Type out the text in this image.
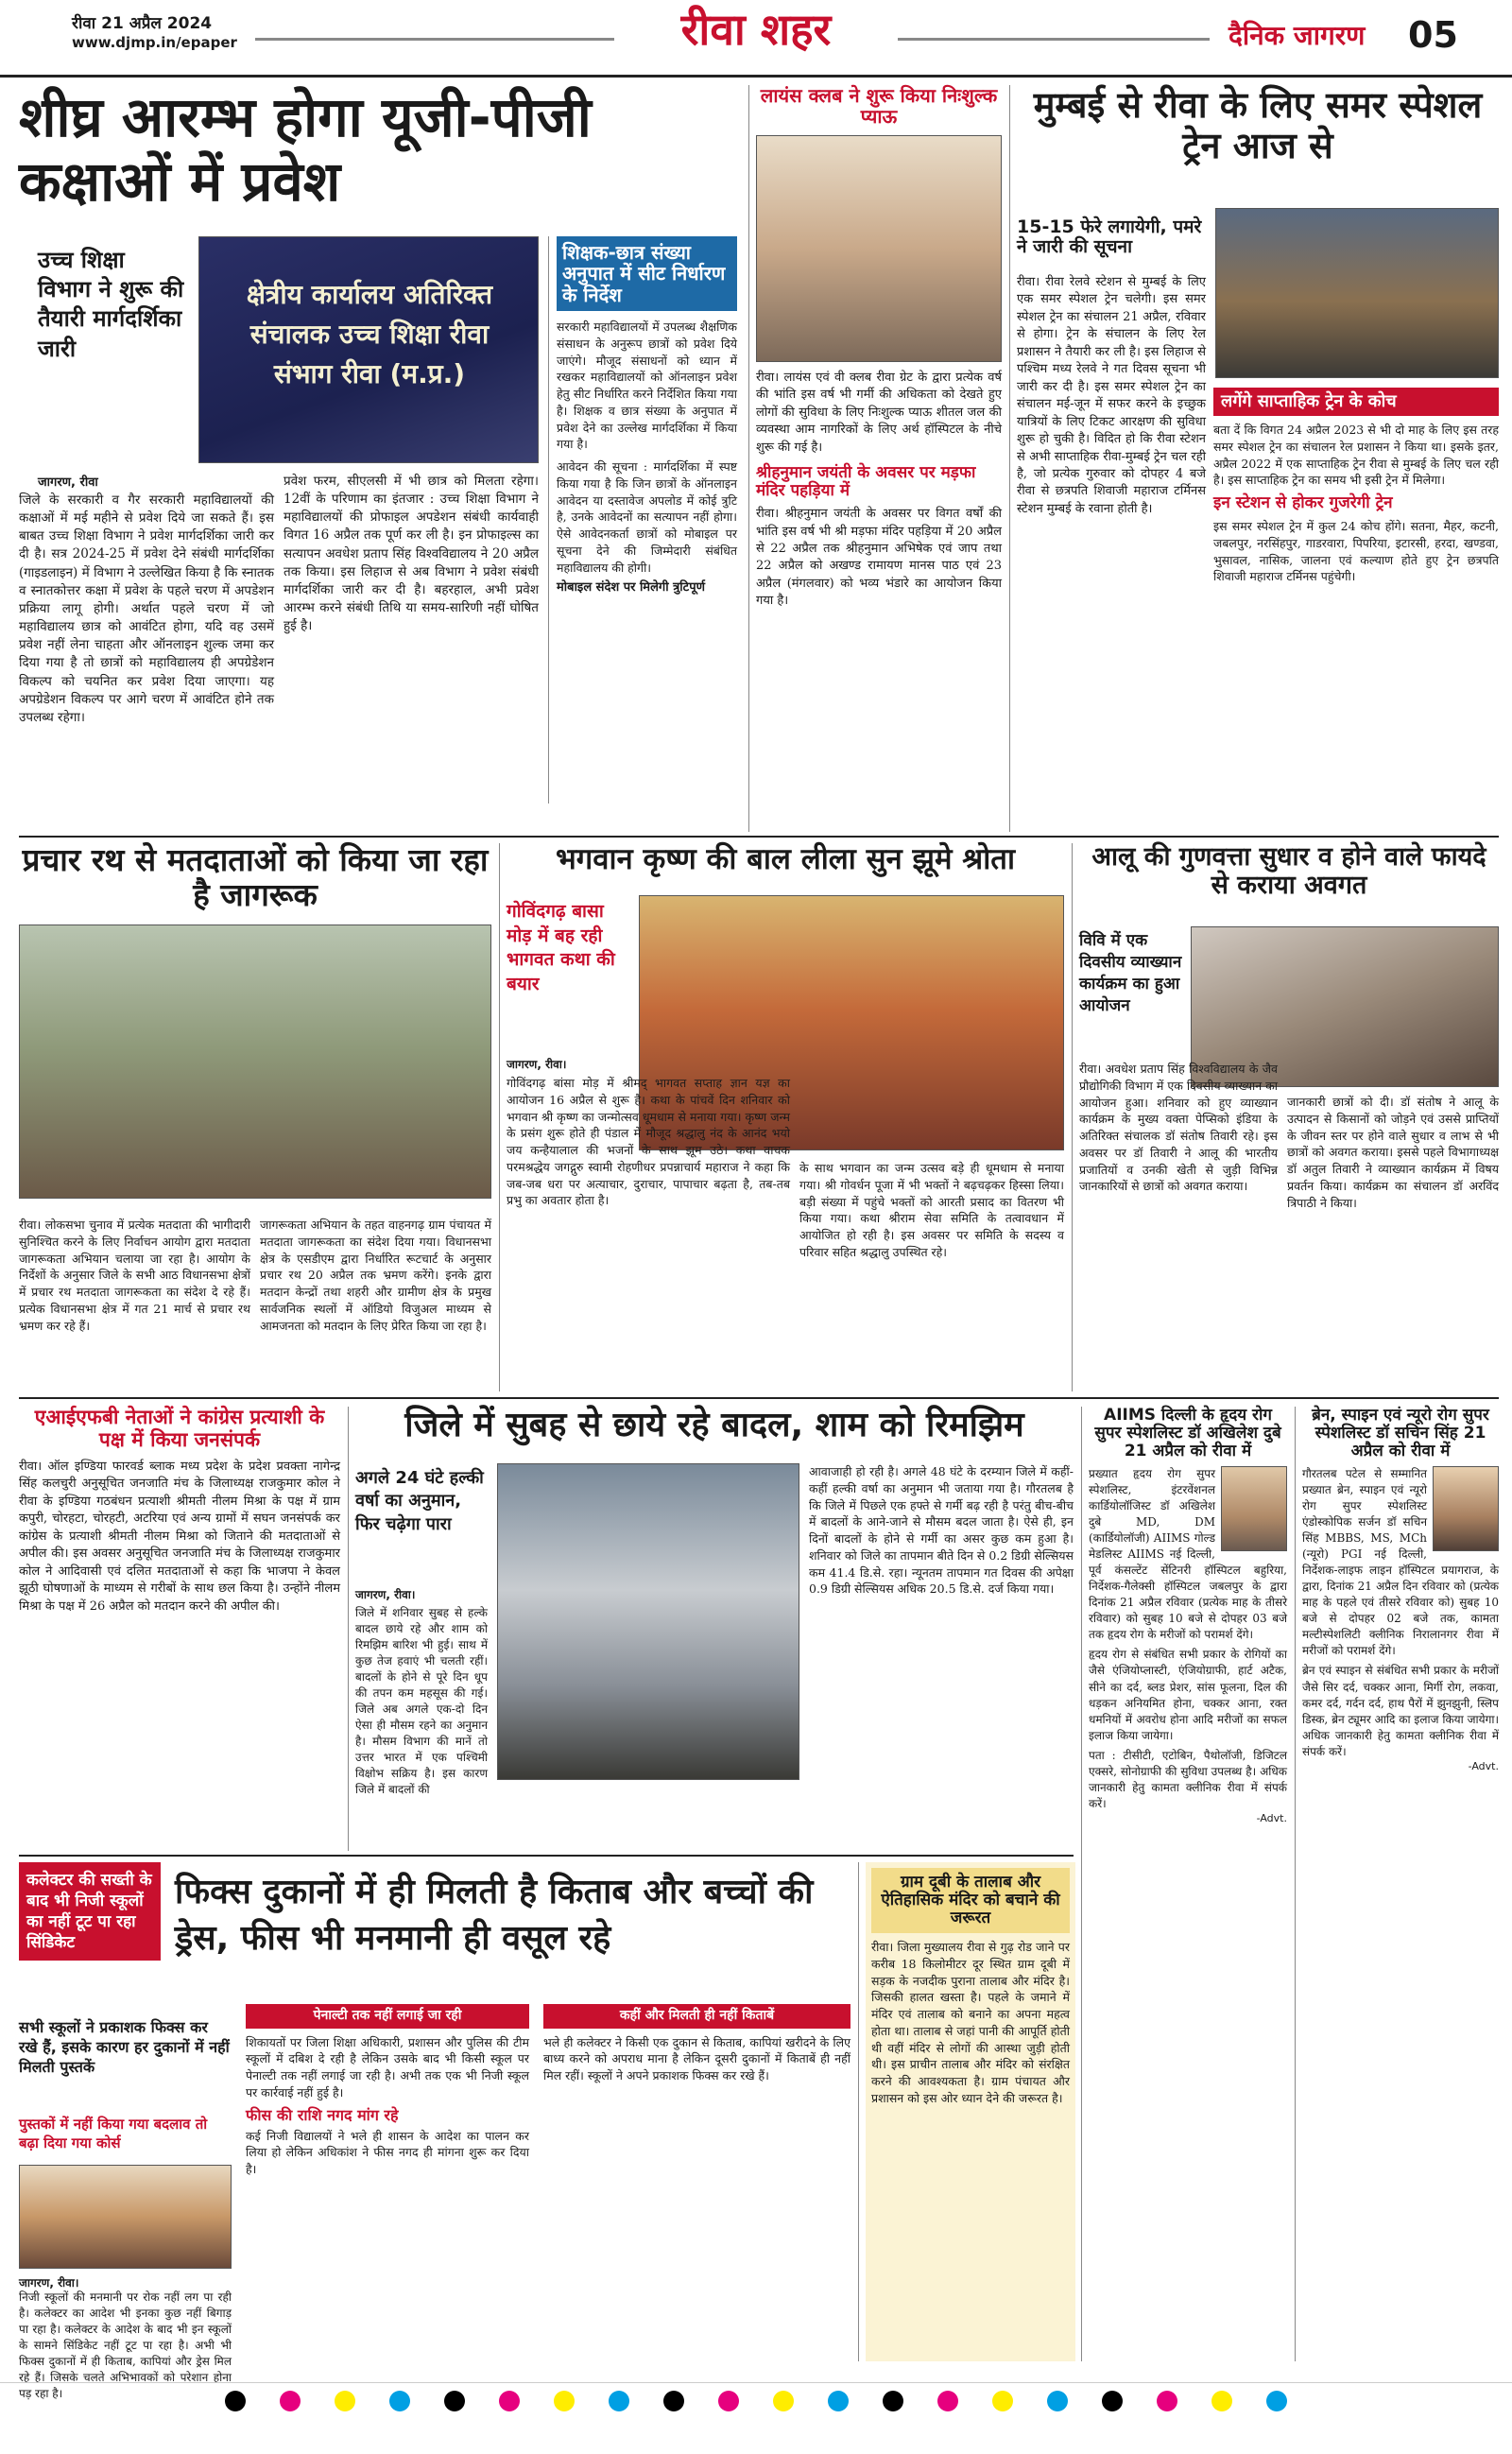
रीवा 21 अप्रैल 2024
www.djmp.in/epaper	रीवा शहर	दैनिक जागरण 05
शीघ्र आरम्भ होगा यूजी-पीजी कक्षाओं में प्रवेश
उच्च शिक्षा विभाग ने शुरू की तैयारी मार्गदर्शिका जारी
क्षेत्रीय कार्यालय अतिरिक्त संचालक उच्च शिक्षा रीवा संभाग रीवा (म.प्र.)
शिक्षक-छात्र संख्या अनुपात में सीट निर्धारण के निर्देश
सरकारी महाविद्यालयों में उपलब्ध शैक्षणिक संसाधन के अनुरूप छात्रों को प्रवेश दिये जाएंगे। मौजूद संसाधनों को ध्यान में रखकर महाविद्यालयों को ऑनलाइन प्रवेश हेतु सीट निर्धारित करने निर्देशित किया गया है। शिक्षक व छात्र संख्या के अनुपात में प्रवेश देने का उल्लेख मार्गदर्शिका में किया गया है।
आवेदन की सूचना : मार्गदर्शिका में स्पष्ट किया गया है कि जिन छात्रों के ऑनलाइन आवेदन या दस्तावेज अपलोड में कोई त्रुटि है, उनके आवेदनों का सत्यापन नहीं होगा। ऐसे आवेदनकर्ता छात्रों को मोबाइल पर सूचना देने की जिम्मेदारी संबंधित महाविद्यालय की होगी।
मोबाइल संदेश पर मिलेगी त्रुटिपूर्ण
जागरण, रीवा
जिले के सरकारी व गैर सरकारी महाविद्यालयों की कक्षाओं में मई महीने से प्रवेश दिये जा सकते हैं। इस बाबत उच्च शिक्षा विभाग ने प्रवेश मार्गदर्शिका जारी कर दी है। सत्र 2024-25 में प्रवेश देने संबंधी मार्गदर्शिका (गाइडलाइन) में विभाग ने उल्लेखित किया है कि स्नातक व स्नातकोत्तर कक्षा में प्रवेश के पहले चरण में अपडेशन प्रक्रिया लागू होगी। अर्थात पहले चरण में जो महाविद्यालय छात्र को आवंटित होगा, यदि वह उसमें प्रवेश नहीं लेना चाहता और ऑनलाइन शुल्क जमा कर दिया गया है तो छात्रों को महाविद्यालय ही अपग्रेडेशन विकल्प को चयनित कर प्रवेश दिया जाएगा। यह अपग्रेडेशन विकल्प पर आगे चरण में आवंटित होने तक उपलब्ध रहेगा।
प्रवेश फरम, सीएलसी में भी छात्र को मिलता रहेगा। 12वीं के परिणाम का इंतजार : उच्च शिक्षा विभाग ने महाविद्यालयों की प्रोफाइल अपडेशन संबंधी कार्यवाही विगत 16 अप्रैल तक पूर्ण कर ली है। इन प्रोफाइल्स का सत्यापन अवधेश प्रताप सिंह विश्वविद्यालय ने 20 अप्रैल तक किया। इस लिहाज से अब विभाग ने प्रवेश संबंधी मार्गदर्शिका जारी कर दी है। बहरहाल, अभी प्रवेश आरम्भ करने संबंधी तिथि या समय-सारिणी नहीं घोषित हुई है।
लायंस क्लब ने शुरू किया निःशुल्क प्याऊ
रीवा। लायंस एवं वी क्लब रीवा ग्रेट के द्वारा प्रत्येक वर्ष की भांति इस वर्ष भी गर्मी की अधिकता को देखते हुए लोगों की सुविधा के लिए निःशुल्क प्याऊ शीतल जल की व्यवस्था आम नागरिकों के लिए अर्थ हॉस्पिटल के नीचे शुरू की गई है।
श्रीहनुमान जयंती के अवसर पर मड़फा मंदिर पहड़िया में
रीवा। श्रीहनुमान जयंती के अवसर पर विगत वर्षों की भांति इस वर्ष भी श्री मड़फा मंदिर पहड़िया में 20 अप्रैल से 22 अप्रैल तक श्रीहनुमान अभिषेक एवं जाप तथा 22 अप्रैल को अखण्ड रामायण मानस पाठ एवं 23 अप्रैल (मंगलवार) को भव्य भंडारे का आयोजन किया गया है।
मुम्बई से रीवा के लिए समर स्पेशल ट्रेन आज से
15-15 फेरे लगायेगी, पमरे ने जारी की सूचना
रीवा। रीवा रेलवे स्टेशन से मुम्बई के लिए एक समर स्पेशल ट्रेन चलेगी। इस समर स्पेशल ट्रेन का संचालन 21 अप्रैल, रविवार से होगा। ट्रेन के संचालन के लिए रेल प्रशासन ने तैयारी कर ली है। इस लिहाज से पश्चिम मध्य रेलवे ने गत दिवस सूचना भी जारी कर दी है। इस समर स्पेशल ट्रेन का संचालन मई-जून में सफर करने के इच्छुक यात्रियों के लिए टिकट आरक्षण की सुविधा शुरू हो चुकी है। विदित हो कि रीवा स्टेशन से अभी साप्ताहिक रीवा-मुम्बई ट्रेन चल रही है, जो प्रत्येक गुरुवार को दोपहर 4 बजे रीवा से छत्रपति शिवाजी महाराज टर्मिनस स्टेशन मुम्बई के रवाना होती है।
लगेंगे साप्ताहिक ट्रेन के कोच
बता दें कि विगत 24 अप्रैल 2023 से भी दो माह के लिए इस तरह समर स्पेशल ट्रेन का संचालन रेल प्रशासन ने किया था। इसके इतर, अप्रैल 2022 में एक साप्ताहिक ट्रेन रीवा से मुम्बई के लिए चल रही है। इस साप्ताहिक ट्रेन का समय भी इसी ट्रेन में मिलेगा।
इन स्टेशन से होकर गुजरेगी ट्रेन
इस समर स्पेशल ट्रेन में कुल 24 कोच होंगे। सतना, मैहर, कटनी, जबलपुर, नरसिंहपुर, गाडरवारा, पिपरिया, इटारसी, हरदा, खण्डवा, भुसावल, नासिक, जालना एवं कल्याण होते हुए ट्रेन छत्रपति शिवाजी महाराज टर्मिनस पहुंचेगी।
प्रचार रथ से मतदाताओं को किया जा रहा है जागरूक
रीवा। लोकसभा चुनाव में प्रत्येक मतदाता की भागीदारी सुनिश्चित करने के लिए निर्वाचन आयोग द्वारा मतदाता जागरूकता अभियान चलाया जा रहा है। आयोग के निर्देशों के अनुसार जिले के सभी आठ विधानसभा क्षेत्रों में प्रचार रथ मतदाता जागरूकता का संदेश दे रहे हैं। प्रत्येक विधानसभा क्षेत्र में गत 21 मार्च से प्रचार रथ भ्रमण कर रहे हैं।
जागरूकता अभियान के तहत वाहनगढ़ ग्राम पंचायत में मतदाता जागरूकता का संदेश दिया गया। विधानसभा क्षेत्र के एसडीएम द्वारा निर्धारित रूटचार्ट के अनुसार प्रचार रथ 20 अप्रैल तक भ्रमण करेंगे। इनके द्वारा मतदान केन्द्रों तथा शहरी और ग्रामीण क्षेत्र के प्रमुख सार्वजनिक स्थलों में ऑडियो विजुअल माध्यम से आमजनता को मतदान के लिए प्रेरित किया जा रहा है।
भगवान कृष्ण की बाल लीला सुन झूमे श्रोता
गोविंदगढ़ बासा मोड़ में बह रही भागवत कथा की बयार
जागरण, रीवा।
गोविंदगढ़ बांसा मोड़ में श्रीमद् भागवत सप्ताह ज्ञान यज्ञ का आयोजन 16 अप्रैल से शुरू है। कथा के पांचवें दिन शनिवार को भगवान श्री कृष्ण का जन्मोत्सव धूमधाम से मनाया गया। कृष्ण जन्म के प्रसंग शुरू होते ही पंडाल में मौजूद श्रद्धालु नंद के आनंद भयो जय कन्हैयालाल की भजनों के साथ झूम उठे। कथा वाचक परमश्रद्धेय जगद्गुरु स्वामी रोहणीधर प्रपन्नाचार्य महाराज ने कहा कि जब-जब धरा पर अत्याचार, दुराचार, पापाचार बढ़ता है, तब-तब प्रभु का अवतार होता है।
के साथ भगवान का जन्म उत्सव बड़े ही धूमधाम से मनाया गया। श्री गोवर्धन पूजा में भी भक्तों ने बढ़चढ़कर हिस्सा लिया। बड़ी संख्या में पहुंचे भक्तों को आरती प्रसाद का वितरण भी किया गया। कथा श्रीराम सेवा समिति के तत्वावधान में आयोजित हो रही है। इस अवसर पर समिति के सदस्य व परिवार सहित श्रद्धालु उपस्थित रहे।
आलू की गुणवत्ता सुधार व होने वाले फायदे से कराया अवगत
विवि में एक दिवसीय व्याख्यान कार्यक्रम का हुआ आयोजन
रीवा। अवधेश प्रताप सिंह विश्वविद्यालय के जैव प्रौद्योगिकी विभाग में एक दिवसीय व्याख्यान का आयोजन हुआ। शनिवार को हुए व्याख्यान कार्यक्रम के मुख्य वक्ता पेप्सिको इंडिया के अतिरिक्त संचालक डॉ संतोष तिवारी रहे। इस अवसर पर डॉ तिवारी ने आलू की भारतीय प्रजातियों व उनकी खेती से जुड़ी विभिन्न जानकारियों से छात्रों को अवगत कराया।
जानकारी छात्रों को दी। डॉ संतोष ने आलू के उत्पादन से किसानों को जोड़ने एवं उससे प्राप्तियों के जीवन स्तर पर होने वाले सुधार व लाभ से भी छात्रों को अवगत कराया। इससे पहले विभागाध्यक्ष डॉ अतुल तिवारी ने व्याख्यान कार्यक्रम में विषय प्रवर्तन किया। कार्यक्रम का संचालन डॉ अरविंद त्रिपाठी ने किया।
एआईएफबी नेताओं ने कांग्रेस प्रत्याशी के पक्ष में किया जनसंपर्क
रीवा। ऑल इण्डिया फारवर्ड ब्लाक मध्य प्रदेश के प्रदेश प्रवक्ता नागेन्द्र सिंह कलचुरी अनुसूचित जनजाति मंच के जिलाध्यक्ष राजकुमार कोल ने रीवा के इण्डिया गठबंधन प्रत्याशी श्रीमती नीलम मिश्रा के पक्ष में ग्राम कपुरी, चोरहटा, चोरहटी, अटरिया एवं अन्य ग्रामों में सघन जनसंपर्क कर कांग्रेस के प्रत्याशी श्रीमती नीलम मिश्रा को जिताने की मतदाताओं से अपील की। इस अवसर अनुसूचित जनजाति मंच के जिलाध्यक्ष राजकुमार कोल ने आदिवासी एवं दलित मतदाताओं से कहा कि भाजपा ने केवल झूठी घोषणाओं के माध्यम से गरीबों के साथ छल किया है। उन्होंने नीलम मिश्रा के पक्ष में 26 अप्रैल को मतदान करने की अपील की।
जिले में सुबह से छाये रहे बादल, शाम को रिमझिम
अगले 24 घंटे हल्की वर्षा का अनुमान, फिर चढ़ेगा पारा
जागरण, रीवा।
जिले में शनिवार सुबह से हल्के बादल छाये रहे और शाम को रिमझिम बारिश भी हुई। साथ में कुछ तेज हवाएं भी चलती रहीं। बादलों के होने से पूरे दिन धूप की तपन कम महसूस की गई। जिले अब अगले एक-दो दिन ऐसा ही मौसम रहने का अनुमान है। मौसम विभाग की मानें तो उत्तर भारत में एक पश्चिमी विक्षोभ सक्रिय है। इस कारण जिले में बादलों की
आवाजाही हो रही है। अगले 48 घंटे के दरम्यान जिले में कहीं-कहीं हल्की वर्षा का अनुमान भी जताया गया है। गौरतलब है कि जिले में पिछले एक हफ्ते से गर्मी बढ़ रही है परंतु बीच-बीच में बादलों के आने-जाने से मौसम बदल जाता है। ऐसे ही, इन दिनों बादलों के होने से गर्मी का असर कुछ कम हुआ है। शनिवार को जिले का तापमान बीते दिन से 0.2 डिग्री सेल्सियस कम 41.4 डि.से. रहा। न्यूनतम तापमान गत दिवस की अपेक्षा 0.9 डिग्री सेल्सियस अधिक 20.5 डि.से. दर्ज किया गया।
AIIMS दिल्ली के हृदय रोग सुपर स्पेशलिस्ट डॉ अखिलेश दुबे 21 अप्रैल को रीवा में
प्रख्यात हृदय रोग सुपर स्पेशलिस्ट, इंटरवेंशनल कार्डियोलॉजिस्ट डॉ अखिलेश दुबे MD, DM (कार्डियोलॉजी) AIIMS गोल्ड मेडलिस्ट AIIMS नई दिल्ली, पूर्व कंसल्टेंट सेंटिनरी हॉस्पिटल बहुरिया, निर्देशक-गैलेक्सी हॉस्पिटल जबलपुर के द्वारा दिनांक 21 अप्रैल रविवार (प्रत्येक माह के तीसरे रविवार) को सुबह 10 बजे से दोपहर 03 बजे तक हृदय रोग के मरीजों को परामर्श देंगे।
हृदय रोग से संबंधित सभी प्रकार के रोगियों का जैसे एंजियोप्लास्टी, एंजियोग्राफी, हार्ट अटैक, सीने का दर्द, ब्लड प्रेशर, सांस फूलना, दिल की धड़कन अनियमित होना, चक्कर आना, रक्त धमनियों में अवरोध होना आदि मरीजों का सफल इलाज किया जायेगा।
पता : टीसीटी, एटोबिन, पैथोलॉजी, डिजिटल एक्सरे, सोनोग्राफी की सुविधा उपलब्ध है। अधिक जानकारी हेतु कामता क्लीनिक रीवा में संपर्क करें।
-Advt.
ब्रेन, स्पाइन एवं न्यूरो रोग सुपर स्पेशलिस्ट डॉ सचिन सिंह 21 अप्रैल को रीवा में
गौरतलब पटेल से सम्मानित प्रख्यात ब्रेन, स्पाइन एवं न्यूरो रोग सुपर स्पेशलिस्ट एंडोस्कोपिक सर्जन डॉ सचिन सिंह MBBS, MS, MCh (न्यूरो) PGI नई दिल्ली, निर्देशक-लाइफ लाइन हॉस्पिटल प्रयागराज, के द्वारा, दिनांक 21 अप्रैल दिन रविवार को (प्रत्येक माह के पहले एवं तीसरे रविवार को) सुबह 10 बजे से दोपहर 02 बजे तक, कामता मल्टीस्पेशलिटी क्लीनिक निरालानगर रीवा में मरीजों को परामर्श देंगे।
ब्रेन एवं स्पाइन से संबंधित सभी प्रकार के मरीजों जैसे सिर दर्द, चक्कर आना, मिर्गी रोग, लकवा, कमर दर्द, गर्दन दर्द, हाथ पैरों में झुनझुनी, स्लिप डिस्क, ब्रेन ट्यूमर आदि का इलाज किया जायेगा। अधिक जानकारी हेतु कामता क्लीनिक रीवा में संपर्क करें।
-Advt.
कलेक्टर की सख्ती के बाद भी निजी स्कूलों का नहीं टूट पा रहा सिंडिकेट
फिक्स दुकानों में ही मिलती है किताब और बच्चों की ड्रेस, फीस भी मनमानी ही वसूल रहे
सभी स्कूलों ने प्रकाशक फिक्स कर रखे हैं, इसके कारण हर दुकानों में नहीं मिलती पुस्तकें
पुस्तकों में नहीं किया गया बदलाव तो बढ़ा दिया गया कोर्स
जागरण, रीवा।
निजी स्कूलों की मनमानी पर रोक नहीं लग पा रही है। कलेक्टर का आदेश भी इनका कुछ नहीं बिगाड़ पा रहा है। कलेक्टर के आदेश के बाद भी इन स्कूलों के सामने सिंडिकेट नहीं टूट पा रहा है। अभी भी फिक्स दुकानों में ही किताब, कापियां और ड्रेस मिल रहे हैं। जिसके चलते अभिभावकों को परेशान होना पड़ रहा है।
पेनाल्टी तक नहीं लगाई जा रही
शिकायतों पर जिला शिक्षा अधिकारी, प्रशासन और पुलिस की टीम स्कूलों में दबिश दे रही है लेकिन उसके बाद भी किसी स्कूल पर पेनाल्टी तक नहीं लगाई जा रही है। अभी तक एक भी निजी स्कूल पर कार्रवाई नहीं हुई है।
फीस की राशि नगद मांग रहे
कई निजी विद्यालयों ने भले ही शासन के आदेश का पालन कर लिया हो लेकिन अधिकांश ने फीस नगद ही मांगना शुरू कर दिया है।
कहीं और मिलती ही नहीं किताबें
भले ही कलेक्टर ने किसी एक दुकान से किताब, कापियां खरीदने के लिए बाध्य करने को अपराध माना है लेकिन दूसरी दुकानों में किताबें ही नहीं मिल रहीं। स्कूलों ने अपने प्रकाशक फिक्स कर रखे हैं।
ग्राम दूबी के तालाब और ऐतिहासिक मंदिर को बचाने की जरूरत
रीवा। जिला मुख्यालय रीवा से गुढ़ रोड जाने पर करीब 18 किलोमीटर दूर स्थित ग्राम दूबी में सड़क के नजदीक पुराना तालाब और मंदिर है। जिसकी हालत खस्ता है। पहले के जमाने में मंदिर एवं तालाब को बनाने का अपना महत्व होता था। तालाब से जहां पानी की आपूर्ति होती थी वहीं मंदिर से लोगों की आस्था जुड़ी होती थी। इस प्राचीन तालाब और मंदिर को संरक्षित करने की आवश्यकता है। ग्राम पंचायत और प्रशासन को इस ओर ध्यान देने की जरूरत है।
